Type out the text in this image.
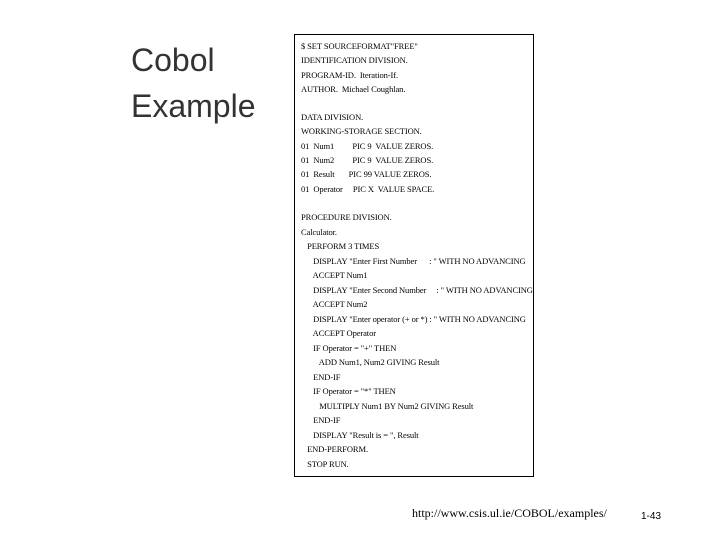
Cobol
Example
$ SET SOURCEFORMAT"FREE"
IDENTIFICATION DIVISION.
PROGRAM-ID.  Iteration-If.
AUTHOR.  Michael Coughlan.
DATA DIVISION.
WORKING-STORAGE SECTION.
01  Num1         PIC 9  VALUE ZEROS.
01  Num2         PIC 9  VALUE ZEROS.
01  Result       PIC 99 VALUE ZEROS.
01  Operator     PIC X  VALUE SPACE.
PROCEDURE DIVISION.
Calculator.
PERFORM 3 TIMES
DISPLAY "Enter First Number      : " WITH NO ADVANCING
ACCEPT Num1
DISPLAY "Enter Second Number     : " WITH NO ADVANCING
ACCEPT Num2
DISPLAY "Enter operator (+ or *) : " WITH NO ADVANCING
ACCEPT Operator
IF Operator = "+" THEN
ADD Num1, Num2 GIVING Result
END-IF
IF Operator = "*" THEN
MULTIPLY Num1 BY Num2 GIVING Result
END-IF
DISPLAY "Result is = ", Result
END-PERFORM.
STOP RUN.
http://www.csis.ul.ie/COBOL/examples/	1-43
